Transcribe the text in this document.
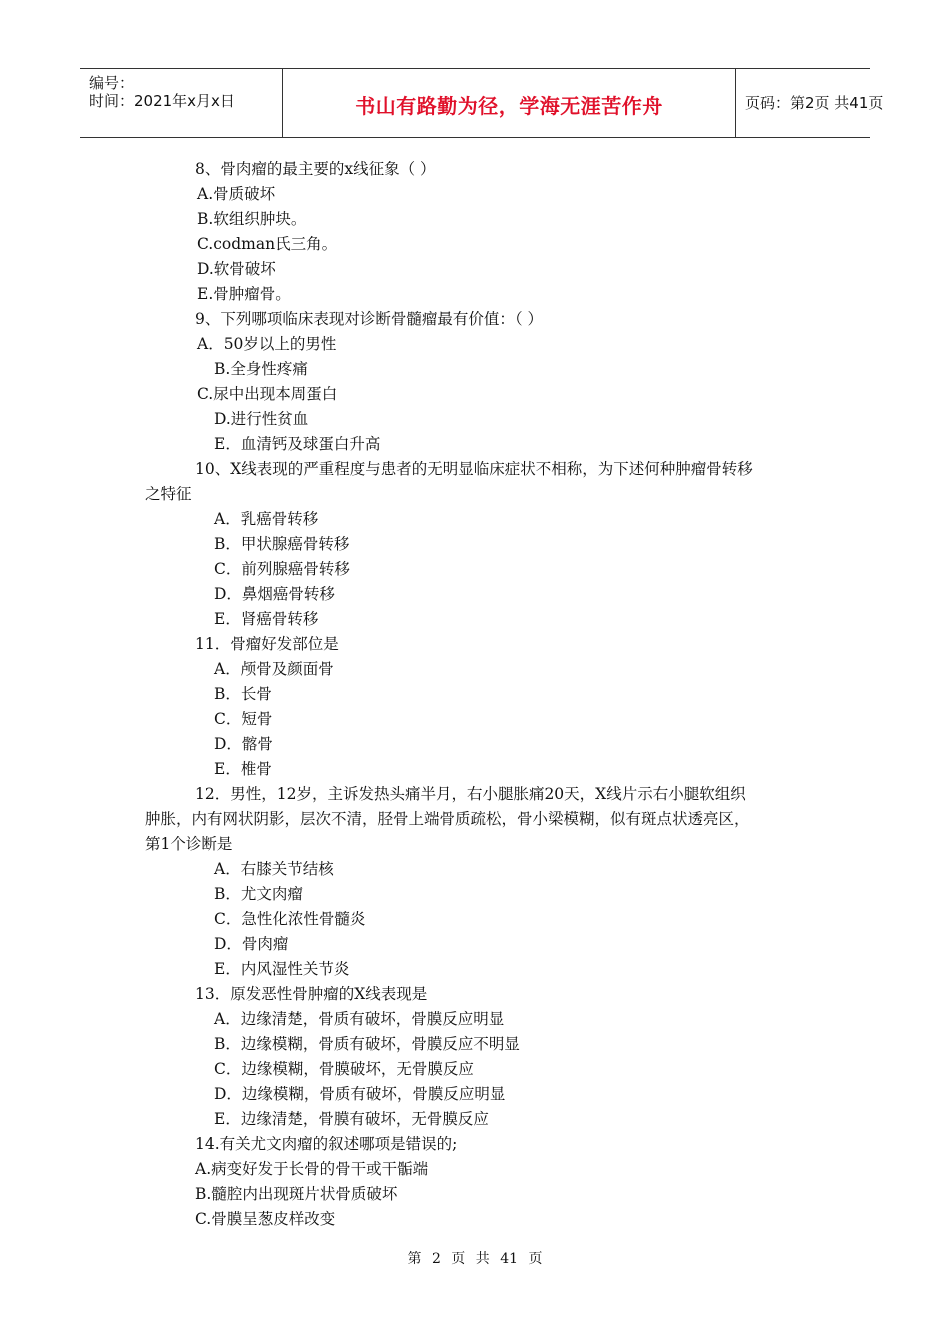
编号：
时间：2021年x月x日	书山有路勤为径，学海无涯苦作舟	页码：第2页 共41页
8、骨肉瘤的最主要的x线征象（ ）
A.骨质破坏
B.软组织肿块。
C.codman氏三角。
D.软骨破坏
E.骨肿瘤骨。
9、下列哪项临床表现对诊断骨髓瘤最有价值：（ ）
A．50岁以上的男性
B.全身性疼痛
C.尿中出现本周蛋白
D.进行性贫血
E．血清钙及球蛋白升高
10、X线表现的严重程度与患者的无明显临床症状不相称，为下述何种肿瘤骨转移
之特征
A．乳癌骨转移
B．甲状腺癌骨转移
C．前列腺癌骨转移
D．鼻烟癌骨转移
E．肾癌骨转移
11．骨瘤好发部位是
A．颅骨及颜面骨
B．长骨
C．短骨
D．髂骨
E．椎骨
12．男性，12岁，主诉发热头痛半月，右小腿胀痛20天，X线片示右小腿软组织
肿胀，内有网状阴影，层次不清，胫骨上端骨质疏松，骨小梁模糊，似有斑点状透亮区，
第1个诊断是
A．右膝关节结核
B．尤文肉瘤
C．急性化浓性骨髓炎
D．骨肉瘤
E．内风湿性关节炎
13．原发恶性骨肿瘤的X线表现是
A．边缘清楚，骨质有破坏，骨膜反应明显
B．边缘模糊，骨质有破坏，骨膜反应不明显
C．边缘模糊，骨膜破坏，无骨膜反应
D．边缘模糊，骨质有破坏，骨膜反应明显
E．边缘清楚，骨膜有破坏，无骨膜反应
14.有关尤文肉瘤的叙述哪项是错误的;
A.病变好发于长骨的骨干或干骺端
B.髓腔内出现斑片状骨质破坏
C.骨膜呈葱皮样改变
第 2 页 共 41 页
